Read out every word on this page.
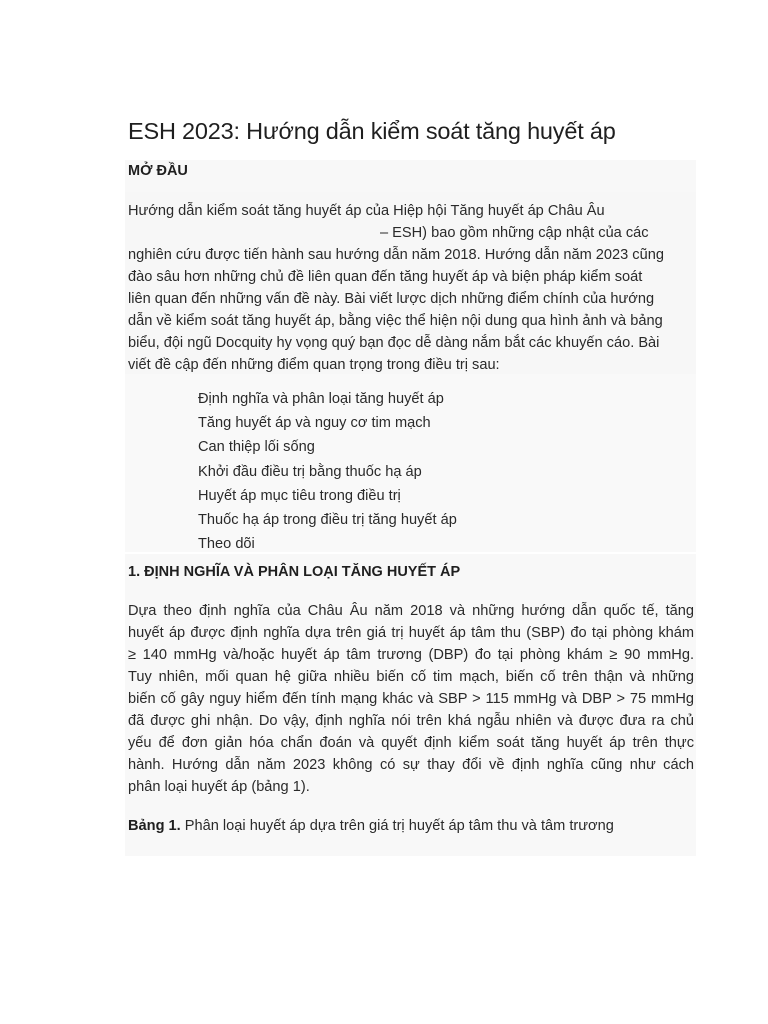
ESH 2023: Hướng dẫn kiểm soát tăng huyết áp
MỞ ĐẦU
Hướng dẫn kiểm soát tăng huyết áp của Hiệp hội Tăng huyết áp Châu Âu
– ESH) bao gồm những cập nhật của các
nghiên cứu được tiến hành sau hướng dẫn năm 2018. Hướng dẫn năm 2023 cũng
đào sâu hơn những chủ đề liên quan đến tăng huyết áp và biện pháp kiểm soát
liên quan đến những vấn đề này. Bài viết lược dịch những điểm chính của hướng
dẫn về kiểm soát tăng huyết áp, bằng việc thể hiện nội dung qua hình ảnh và bảng
biểu, đội ngũ Docquity hy vọng quý bạn đọc dễ dàng nắm bắt các khuyến cáo. Bài
viết đề cập đến những điểm quan trọng trong điều trị sau:
Định nghĩa và phân loại tăng huyết áp
Tăng huyết áp và nguy cơ tim mạch
Can thiệp lối sống
Khởi đầu điều trị bằng thuốc hạ áp
Huyết áp mục tiêu trong điều trị
Thuốc hạ áp trong điều trị tăng huyết áp
Theo dõi
1. ĐỊNH NGHĨA VÀ PHÂN LOẠI TĂNG HUYẾT ÁP
Dựa theo định nghĩa của Châu Âu năm 2018 và những hướng dẫn quốc tế, tăng
huyết áp được định nghĩa dựa trên giá trị huyết áp tâm thu (SBP) đo tại phòng khám
≥ 140 mmHg và/hoặc huyết áp tâm trương (DBP) đo tại phòng khám ≥ 90 mmHg.
Tuy nhiên, mối quan hệ giữa nhiều biến cố tim mạch, biến cố trên thận và những
biến cố gây nguy hiểm đến tính mạng khác và SBP > 115 mmHg và DBP > 75 mmHg
đã được ghi nhận. Do vậy, định nghĩa nói trên khá ngẫu nhiên và được đưa ra chủ
yếu để đơn giản hóa chẩn đoán và quyết định kiểm soát tăng huyết áp trên thực
hành. Hướng dẫn năm 2023 không có sự thay đổi về định nghĩa cũng như cách
phân loại huyết áp (bảng 1).
Bảng 1. Phân loại huyết áp dựa trên giá trị huyết áp tâm thu và tâm trương
